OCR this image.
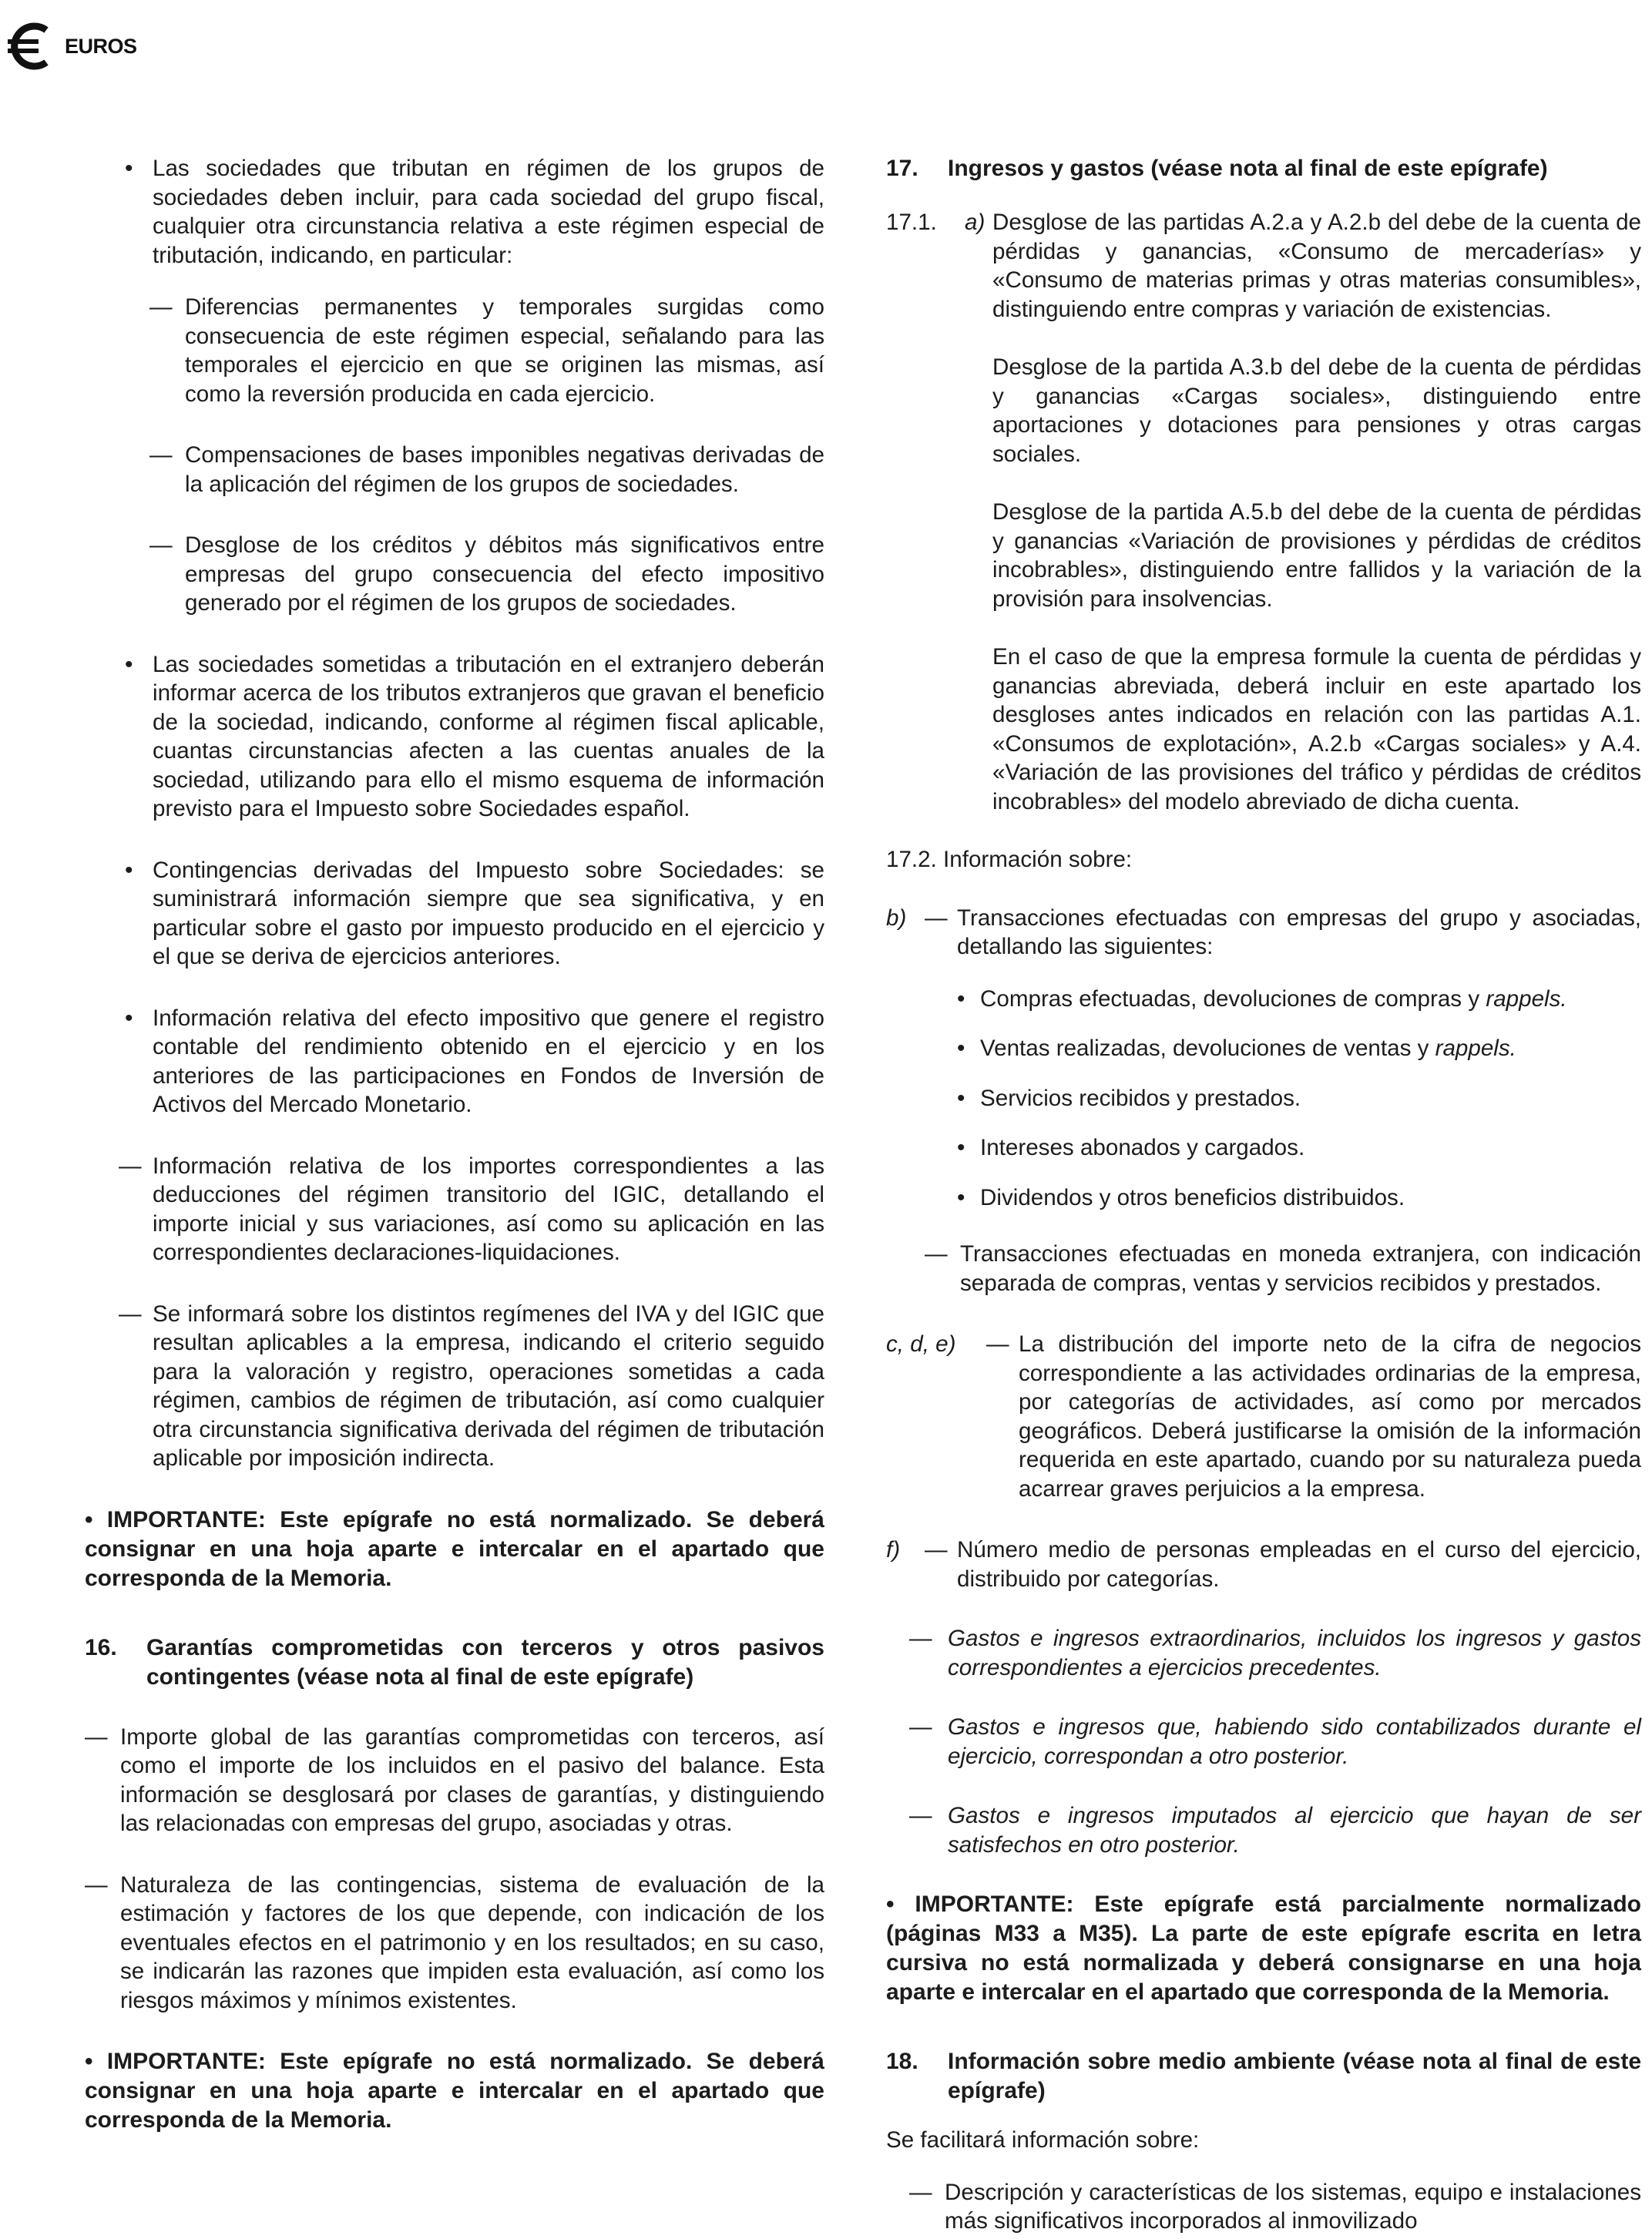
EUROS
• Las sociedades que tributan en régimen de los grupos de sociedades deben incluir, para cada sociedad del grupo fiscal, cualquier otra circunstancia relativa a este régimen especial de tributación, indicando, en particular:

— Diferencias permanentes y temporales surgidas como consecuencia de este régimen especial, señalando para las temporales el ejercicio en que se originen las mismas, así como la reversión producida en cada ejercicio.

— Compensaciones de bases imponibles negativas derivadas de la aplicación del régimen de los grupos de sociedades.

— Desglose de los créditos y débitos más significativos entre empresas del grupo consecuencia del efecto impositivo generado por el régimen de los grupos de sociedades.

• Las sociedades sometidas a tributación en el extranjero deberán informar acerca de los tributos extranjeros que gravan el beneficio de la sociedad, indicando, conforme al régimen fiscal aplicable, cuantas circunstancias afecten a las cuentas anuales de la sociedad, utilizando para ello el mismo esquema de información previsto para el Impuesto sobre Sociedades español.

• Contingencias derivadas del Impuesto sobre Sociedades: se suministrará información siempre que sea significativa, y en particular sobre el gasto por impuesto producido en el ejercicio y el que se deriva de ejercicios anteriores.

• Información relativa del efecto impositivo que genere el registro contable del rendimiento obtenido en el ejercicio y en los anteriores de las participaciones en Fondos de Inversión de Activos del Mercado Monetario.

— Información relativa de los importes correspondientes a las deducciones del régimen transitorio del IGIC, detallando el importe inicial y sus variaciones, así como su aplicación en las correspondientes declaraciones-liquidaciones.

— Se informará sobre los distintos regímenes del IVA y del IGIC que resultan aplicables a la empresa, indicando el criterio seguido para la valoración y registro, operaciones sometidas a cada régimen, cambios de régimen de tributación, así como cualquier otra circunstancia significativa derivada del régimen de tributación aplicable por imposición indirecta.

• IMPORTANTE: Este epígrafe no está normalizado. Se deberá consignar en una hoja aparte e intercalar en el apartado que corresponda de la Memoria.

16.	Garantías comprometidas con terceros y otros pasivos contingentes (véase nota al final de este epígrafe)
— Importe global de las garantías comprometidas con terceros, así como el importe de los incluidos en el pasivo del balance. Esta información se desglosará por clases de garantías, y distinguiendo las relacionadas con empresas del grupo, asociadas y otras.

— Naturaleza de las contingencias, sistema de evaluación de la estimación y factores de los que depende, con indicación de los eventuales efectos en el patrimonio y en los resultados; en su caso, se indicarán las razones que impiden esta evaluación, así como los riesgos máximos y mínimos existentes.

• IMPORTANTE: Este epígrafe no está normalizado. Se deberá consignar en una hoja aparte e intercalar en el apartado que corresponda de la Memoria.

17.	Ingresos y gastos (véase nota al final de este epígrafe)
17.1.	a) Desglose de las partidas A.2.a y A.2.b del debe de la cuenta de pérdidas y ganancias, «Consumo de mercaderías» y «Consumo de materias primas y otras materias consumibles», distinguiendo entre compras y variación de existencias.

Desglose de la partida A.3.b del debe de la cuenta de pérdidas y ganancias «Cargas sociales», distinguiendo entre aportaciones y dotaciones para pensiones y otras cargas sociales.

Desglose de la partida A.5.b del debe de la cuenta de pérdidas y ganancias «Variación de provisiones y pérdidas de créditos incobrables», distinguiendo entre fallidos y la variación de la provisión para insolvencias.

En el caso de que la empresa formule la cuenta de pérdidas y ganancias abreviada, deberá incluir en este apartado los desgloses antes indicados en relación con las partidas A.1. «Consumos de explotación», A.2.b «Cargas sociales» y A.4. «Variación de las provisiones del tráfico y pérdidas de créditos incobrables» del modelo abreviado de dicha cuenta.

17.2. Información sobre:

b) — Transacciones efectuadas con empresas del grupo y asociadas, detallando las siguientes:

• Compras efectuadas, devoluciones de compras y rappels.

• Ventas realizadas, devoluciones de ventas y rappels.

• Servicios recibidos y prestados.

• Intereses abonados y cargados.

• Dividendos y otros beneficios distribuidos.

— Transacciones efectuadas en moneda extranjera, con indicación separada de compras, ventas y servicios recibidos y prestados.

c, d, e)	— La distribución del importe neto de la cifra de negocios correspondiente a las actividades ordinarias de la empresa, por categorías de actividades, así como por mercados geográficos. Deberá justificarse la omisión de la información requerida en este apartado, cuando por su naturaleza pueda acarrear graves perjuicios a la empresa.

f)	— Número medio de personas empleadas en el curso del ejercicio, distribuido por categorías.

— Gastos e ingresos extraordinarios, incluidos los ingresos y gastos correspondientes a ejercicios precedentes.

— Gastos e ingresos que, habiendo sido contabilizados durante el ejercicio, correspondan a otro posterior.

— Gastos e ingresos imputados al ejercicio que hayan de ser satisfechos en otro posterior.

• IMPORTANTE: Este epígrafe está parcialmente normalizado (páginas M33 a M35). La parte de este epígrafe escrita en letra cursiva no está normalizada y deberá consignarse en una hoja aparte e intercalar en el apartado que corresponda de la Memoria.

18.	Información sobre medio ambiente (véase nota al final de este epígrafe)

Se facilitará información sobre:

— Descripción y características de los sistemas, equipo e instalaciones más significativos incorporados al inmovilizado
